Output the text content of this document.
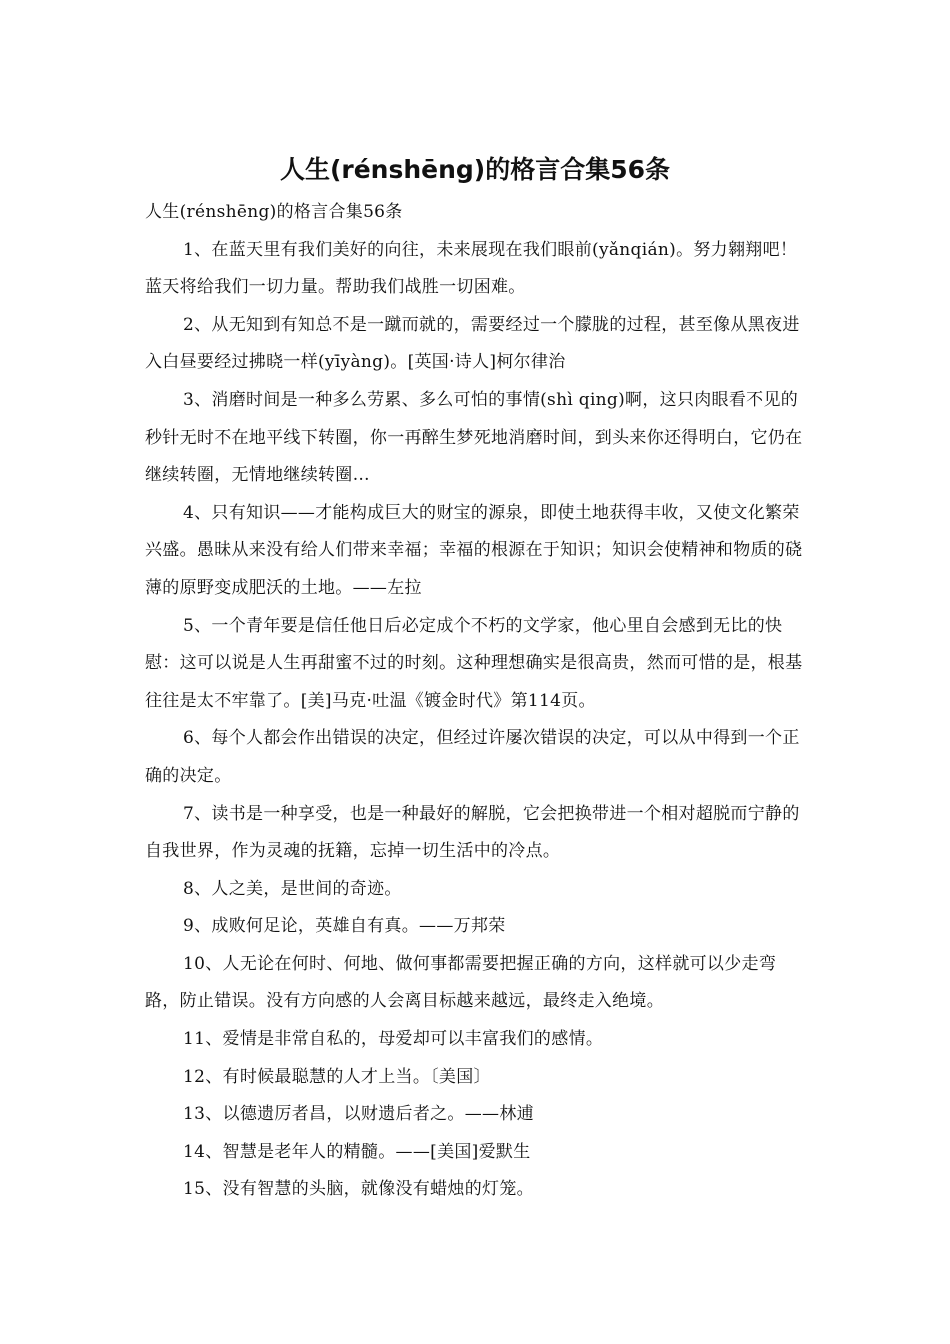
人生(rénshēng)的格言合集56条

人生(rénshēng)的格言合集56条

1、在蓝天里有我们美好的向往，未来展现在我们眼前(yǎnqián)。努力翱翔吧！蓝天将给我们一切力量。帮助我们战胜一切困难。

2、从无知到有知总不是一蹴而就的，需要经过一个朦胧的过程，甚至像从黑夜进入白昼要经过拂晓一样(yīyàng)。[英国·诗人]柯尔律治

3、消磨时间是一种多么劳累、多么可怕的事情(shì qing)啊，这只肉眼看不见的秒针无时不在地平线下转圈，你一再醉生梦死地消磨时间，到头来你还得明白，它仍在继续转圈，无情地继续转圈…

4、只有知识——才能构成巨大的财宝的源泉，即使土地获得丰收，又使文化繁荣兴盛。愚昧从来没有给人们带来幸福；幸福的根源在于知识；知识会使精神和物质的硗薄的原野变成肥沃的土地。——左拉

5、一个青年要是信任他日后必定成个不朽的文学家，他心里自会感到无比的快慰：这可以说是人生再甜蜜不过的时刻。这种理想确实是很高贵，然而可惜的是，根基往往是太不牢靠了。[美]马克·吐温《镀金时代》第114页。

6、每个人都会作出错误的决定，但经过许屡次错误的决定，可以从中得到一个正确的决定。

7、读书是一种享受，也是一种最好的解脱，它会把换带进一个相对超脱而宁静的自我世界，作为灵魂的抚籍，忘掉一切生活中的冷点。

8、人之美，是世间的奇迹。

9、成败何足论，英雄自有真。——万邦荣

10、人无论在何时、何地、做何事都需要把握正确的方向，这样就可以少走弯路，防止错误。没有方向感的人会离目标越来越远，最终走入绝境。

11、爱情是非常自私的，母爱却可以丰富我们的感情。

12、有时候最聪慧的人才上当。〔美国〕

13、以德遗厉者昌，以财遗后者之。——林逋

14、智慧是老年人的精髓。——[美国]爱默生

15、没有智慧的头脑，就像没有蜡烛的灯笼。
